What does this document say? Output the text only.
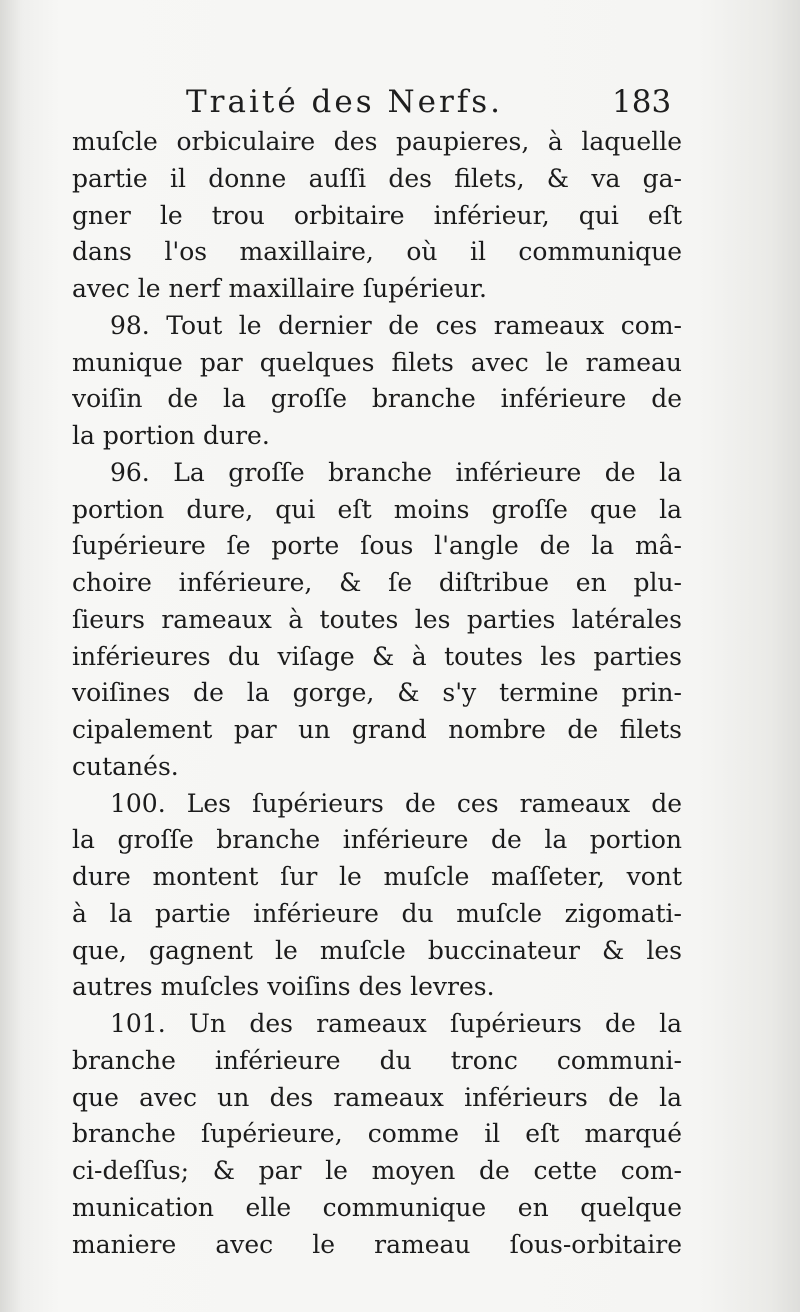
Traité des Nerfs.	183
muſcle orbiculaire des paupieres, à laquelle
partie il donne auſſi des filets, & va ga-
gner le trou orbitaire inférieur, qui eſt
dans l'os maxillaire, où il communique
avec le nerf maxillaire ſupérieur.
98. Tout le dernier de ces rameaux com-
munique par quelques filets avec le rameau
voiſin de la groſſe branche inférieure de
la portion dure.
96. La groſſe branche inférieure de la
portion dure, qui eſt moins groſſe que la
ſupérieure ſe porte ſous l'angle de la mâ-
choire inférieure, & ſe diſtribue en plu-
ſieurs rameaux à toutes les parties latérales
inférieures du viſage & à toutes les parties
voiſines de la gorge, & s'y termine prin-
cipalement par un grand nombre de filets
cutanés.
100. Les ſupérieurs de ces rameaux de
la groſſe branche inférieure de la portion
dure montent ſur le muſcle maſſeter, vont
à la partie inférieure du muſcle zigomati-
que, gagnent le muſcle buccinateur & les
autres muſcles voiſins des levres.
101. Un des rameaux ſupérieurs de la
branche inférieure du tronc communi-
que avec un des rameaux inférieurs de la
branche ſupérieure, comme il eſt marqué
ci-deſſus; & par le moyen de cette com-
munication elle communique en quelque
maniere avec le rameau ſous-orbitaire
